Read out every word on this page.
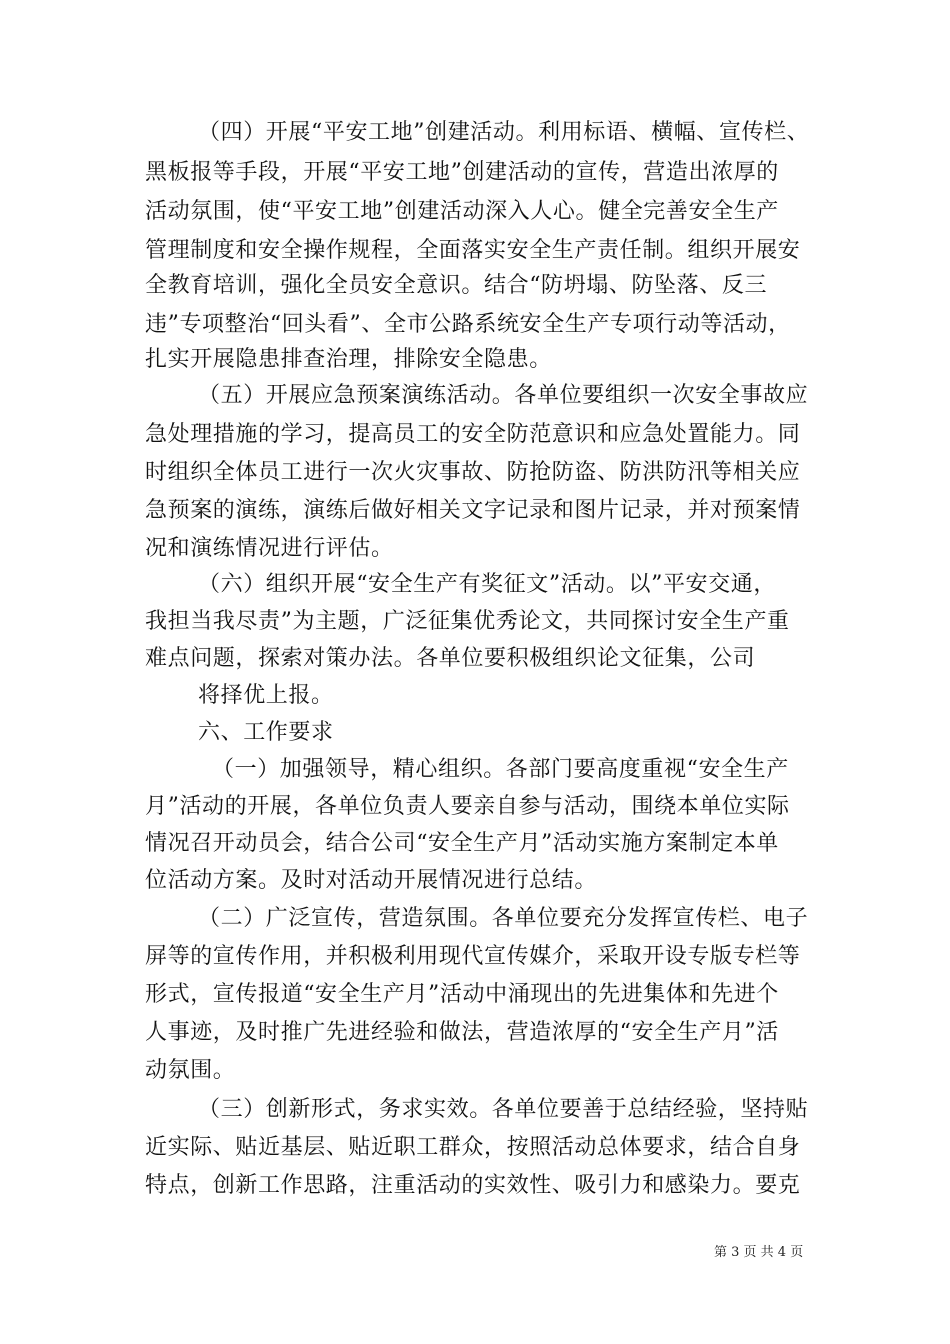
（四）开展“平安工地”创建活动。利用标语、横幅、宣传栏、
黑板报等手段，开展“平安工地”创建活动的宣传，营造出浓厚的
活动氛围，使“平安工地”创建活动深入人心。健全完善安全生产
管理制度和安全操作规程，全面落实安全生产责任制。组织开展安
全教育培训，强化全员安全意识。结合“防坍塌、防坠落、反三
违”专项整治“回头看”、全市公路系统安全生产专项行动等活动，
扎实开展隐患排查治理，排除安全隐患。
（五）开展应急预案演练活动。各单位要组织一次安全事故应
急处理措施的学习，提高员工的安全防范意识和应急处置能力。同
时组织全体员工进行一次火灾事故、防抢防盗、防洪防汛等相关应
急预案的演练，演练后做好相关文字记录和图片记录，并对预案情
况和演练情况进行评估。
（六）组织开展“安全生产有奖征文”活动。以”平安交通，
我担当我尽责”为主题，广泛征集优秀论文，共同探讨安全生产重
难点问题，探索对策办法。各单位要积极组织论文征集，公司
将择优上报。
六、工作要求
（一）加强领导，精心组织。各部门要高度重视“安全生产
月”活动的开展，各单位负责人要亲自参与活动，围绕本单位实际
情况召开动员会，结合公司“安全生产月”活动实施方案制定本单
位活动方案。及时对活动开展情况进行总结。
（二）广泛宣传，营造氛围。各单位要充分发挥宣传栏、电子
屏等的宣传作用，并积极利用现代宣传媒介，采取开设专版专栏等
形式，宣传报道“安全生产月”活动中涌现出的先进集体和先进个
人事迹，及时推广先进经验和做法，营造浓厚的“安全生产月”活
动氛围。
（三）创新形式，务求实效。各单位要善于总结经验，坚持贴
近实际、贴近基层、贴近职工群众，按照活动总体要求，结合自身
特点，创新工作思路，注重活动的实效性、吸引力和感染力。要克
第 3 页 共 4 页
